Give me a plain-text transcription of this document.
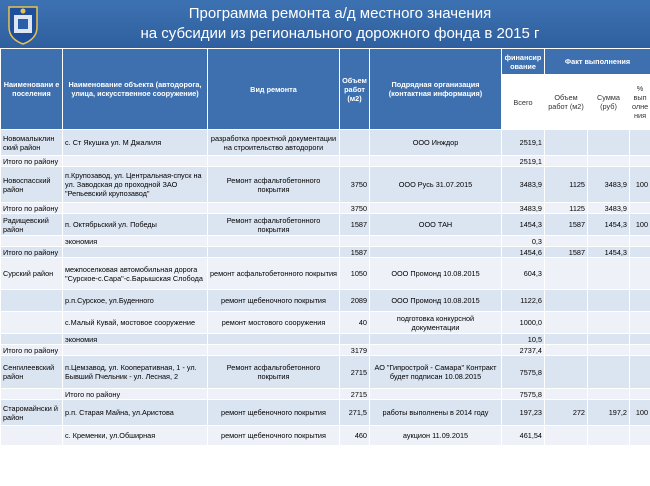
Программа ремонта а/д местного значения
на субсидии из регионального дорожного фонда в 2015 г
Наименовани е поселения	Наименование объекта (автодорога, улица, искусственное сооружение)	Вид ремонта	Объем работ (м2)	Подрядная организация (контактная информация)	финансир ование	Факт выполнения		
					Всего	Объем работ (м2)	Сумма (руб)	% вып олне ния
Новомалыклин ский район	с. Ст Якушка ул. М Джалиля	разработка проектной документации на строительство автодороги		ООО Инждор	2519,1			
Итого по району					2519,1			
Новоспасский район	п.Крупозавод, ул. Центральная-спуск на ул. Заводская до проходной ЗАО "Репьевский крупозавод"	Ремонт асфальтобетонного покрытия	3750	ООО Русь 31.07.2015	3483,9	1125	3483,9	100
Итого по району			3750		3483,9	1125	3483,9	
Радищевский район	п. Октябрьский ул. Победы	Ремонт асфальтобетонного покрытия	1587	ООО ТАН	1454,3	1587	1454,3	100
	экономия				0,3			
Итого по району			1587		1454,6	1587	1454,3	
Сурский район	межпоселковая автомобильная дорога "Сурское-с.Сара"-с.Барышская Слобода	ремонт асфальтобетонного покрытия	1050	ООО Промонд 10.08.2015	604,3			
	р.п.Сурское, ул.Буденного	ремонт щебеночного покрытия	2089	ООО Промонд 10.08.2015	1122,6			
	с.Малый Кувай, мостовое сооружение	ремонт мостового сооружения	40	подготовка конкурсной документации	1000,0			
	экономия				10,5			
Итого по району			3179		2737,4			
Сенгилеевский район	п.Цемзавод, ул. Кооперативная, 1 - ул. Бывший Пчельник - ул. Лесная, 2	Ремонт асфальтобетонного покрытия	2715	АО "Гипрострой - Самара" Контракт будет подписан 10.08.2015	7575,8			
	Итого по району		2715		7575,8			
Старомайнски й район	р.п. Старая Майна, ул.Аристова	ремонт щебеночного покрытия	271,5	работы выполнены в 2014 году	197,23	272	197,2	100
	с. Кременки, ул.Обширная	ремонт щебеночного покрытия	460	аукцион 11.09.2015	461,54			
